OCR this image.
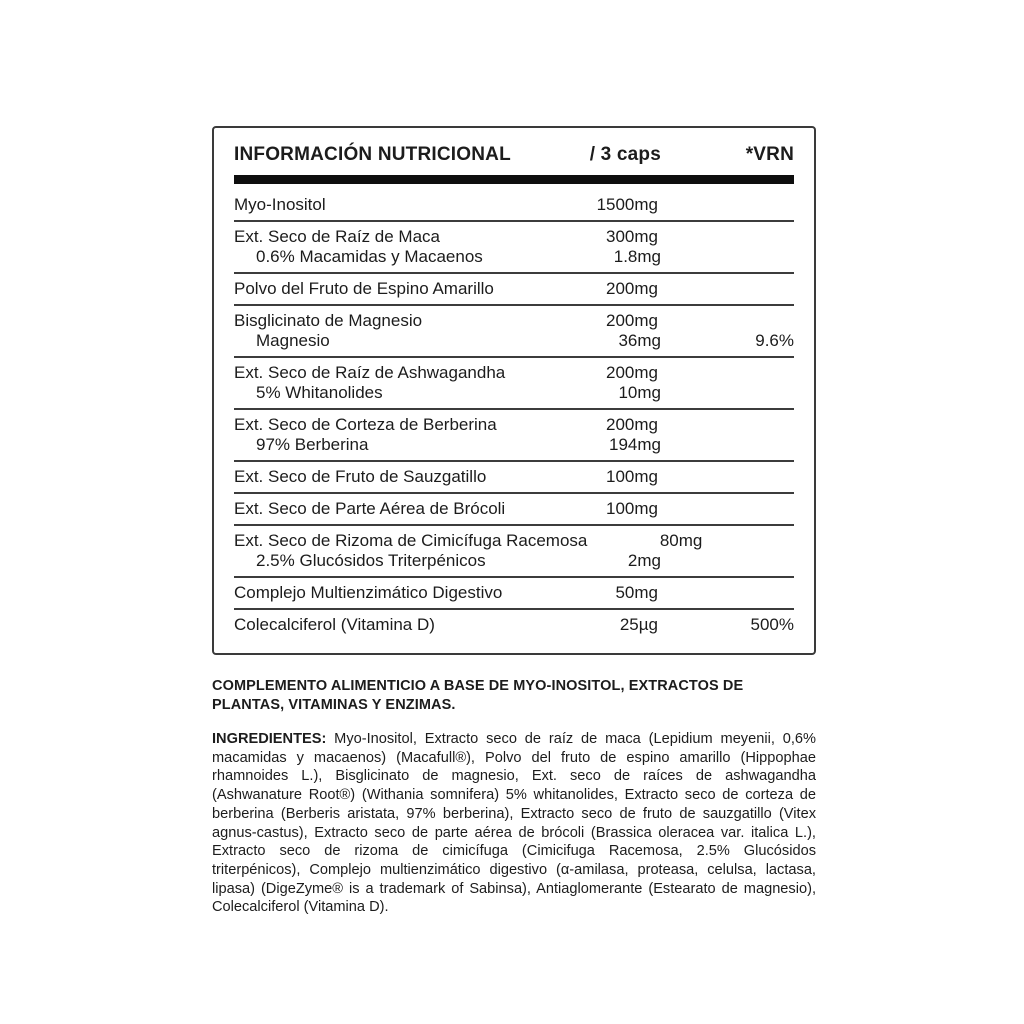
INFORMACIÓN NUTRICIONAL	/ 3 caps	*VRN
Myo-Inositol	1500mg
Ext. Seco de Raíz de Maca	300mg
0.6% Macamidas y Macaenos	1.8mg
Polvo del Fruto de Espino Amarillo	200mg
Bisglicinato de Magnesio	200mg
Magnesio	36mg	9.6%
Ext. Seco de Raíz de Ashwagandha	200mg
5% Whitanolides	10mg
Ext. Seco de Corteza de Berberina	200mg
97% Berberina	194mg
Ext. Seco de Fruto de Sauzgatillo	100mg
Ext. Seco de Parte Aérea de Brócoli	100mg
Ext. Seco de Rizoma de Cimicífuga Racemosa	80mg
2.5% Glucósidos Triterpénicos	2mg
Complejo Multienzimático Digestivo	50mg
Colecalciferol (Vitamina D)	25µg	500%

COMPLEMENTO ALIMENTICIO A BASE DE MYO-INOSITOL, EXTRACTOS DE PLANTAS, VITAMINAS Y ENZIMAS.

INGREDIENTES: Myo-Inositol, Extracto seco de raíz de maca (Lepidium meyenii, 0,6% macamidas y macaenos) (Macafull®), Polvo del fruto de espino amarillo (Hippophae rhamnoides L.), Bisglicinato de magnesio, Ext. seco de raíces de ashwagandha (Ashwanature Root®) (Withania somnifera) 5% whitanolides, Extracto seco de corteza de berberina (Berberis aristata, 97% berberina), Extracto seco de fruto de sauzgatillo (Vitex agnus-castus), Extracto seco de parte aérea de brócoli (Brassica oleracea var. italica L.), Extracto seco de rizoma de cimicífuga (Cimicifuga Racemosa, 2.5% Glucósidos triterpénicos), Complejo multienzimático digestivo (α-amilasa, proteasa, celulsa, lactasa, lipasa) (DigeZyme® is a trademark of Sabinsa), Antiaglomerante (Estearato de magnesio), Colecalciferol (Vitamina D).
